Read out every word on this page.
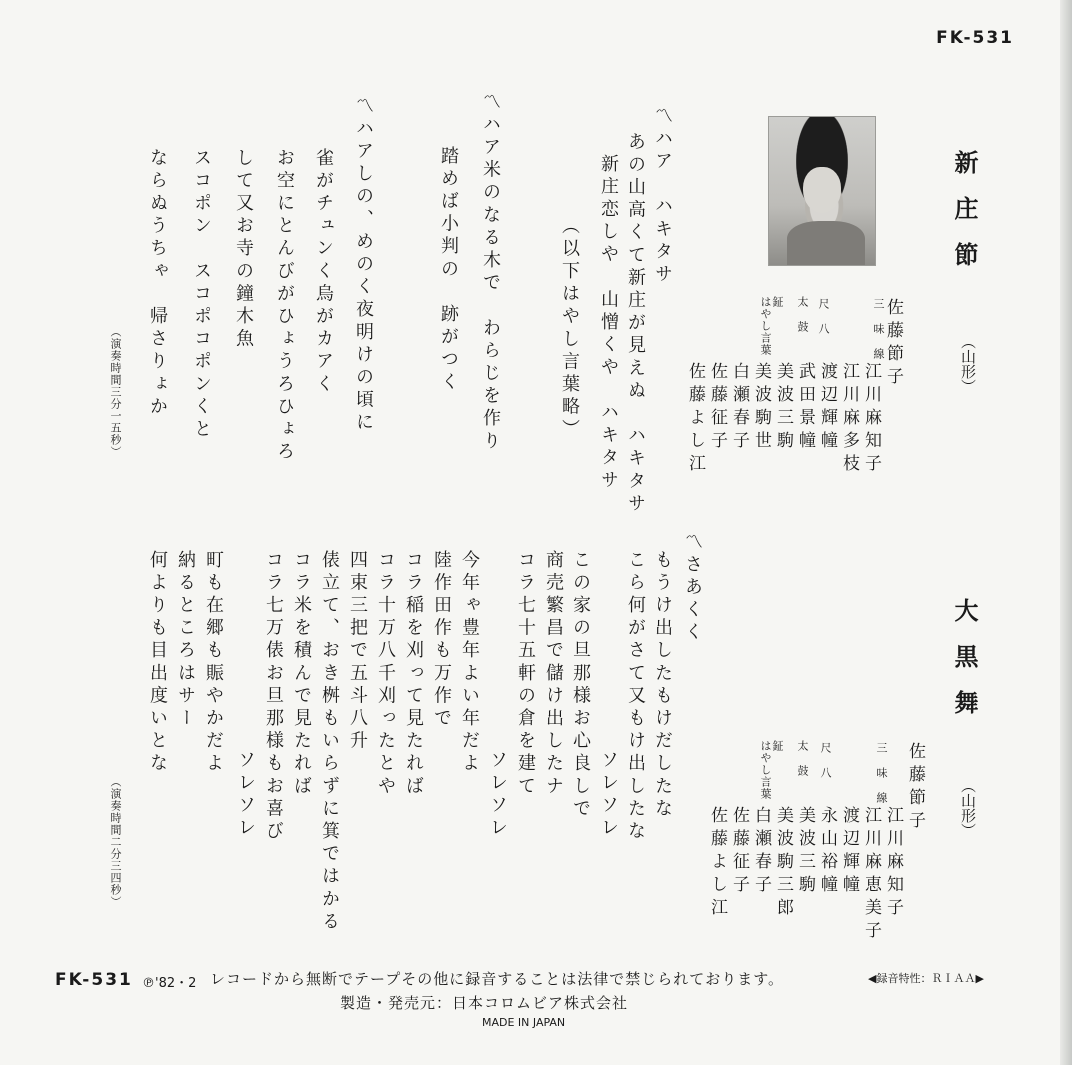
FK-531
新庄節
（山形）
佐藤節子
三味線
江川麻知子
江川麻多枝
尺八
渡辺輝幢
武田景幢
美波三駒
太鼓
美波駒世
鉦
白瀬春子
はやし言葉
佐藤征子
佐藤よし江
〽ハア　ハキタサ
あの山高くて新庄が見えぬ　ハキタサ
新庄恋しや　山憎くや　ハキタサ
（以下はやし言葉略）
〽ハア米のなる木で　わらじを作り
踏めば小判の　跡がつく
〽ハアしの、めのく夜明けの頃に
雀がチュンく烏がカアく
お空にとんびがひょうろひょろ
して又お寺の鐘木魚
スコポン　スコポコポンくと
ならぬうちゃ　帰さりょか
（演奏時間三分一五秒）
大黒舞
（山形）
佐藤節子
三味線
江川麻知子
江川麻恵美子
尺八
渡辺輝幢
永山裕幢
美波三駒
太鼓
美波駒三郎
鉦
白瀬春子
はやし言葉
佐藤征子
佐藤よし江
〽さあくく
もうけ出したもけだしたな
こら何がさて又もけ出したな
ソレソレ
この家の旦那様お心良しで
商売繁昌で儲け出したナ
コラ七十五軒の倉を建て
ソレソレ
今年ゃ豊年よい年だよ
陸作田作も万作で
コラ稲を刈って見たれば
コラ十万八千刈ったとや
四束三把で五斗八升
俵立て、おき桝もいらずに箕ではかる
コラ米を積んで見たれば
コラ七万俵お旦那様もお喜び
ソレソレ
町も在郷も賑やかだよ
納るところはサー
何よりも目出度いとな
（演奏時間二分三四秒）
FK-531 ℗'82・2 レコードから無断でテープその他に録音することは法律で禁じられております。	◀録音特性：ＲＩＡＡ▶
製造・発売元：日本コロムビア株式会社
MADE IN JAPAN
